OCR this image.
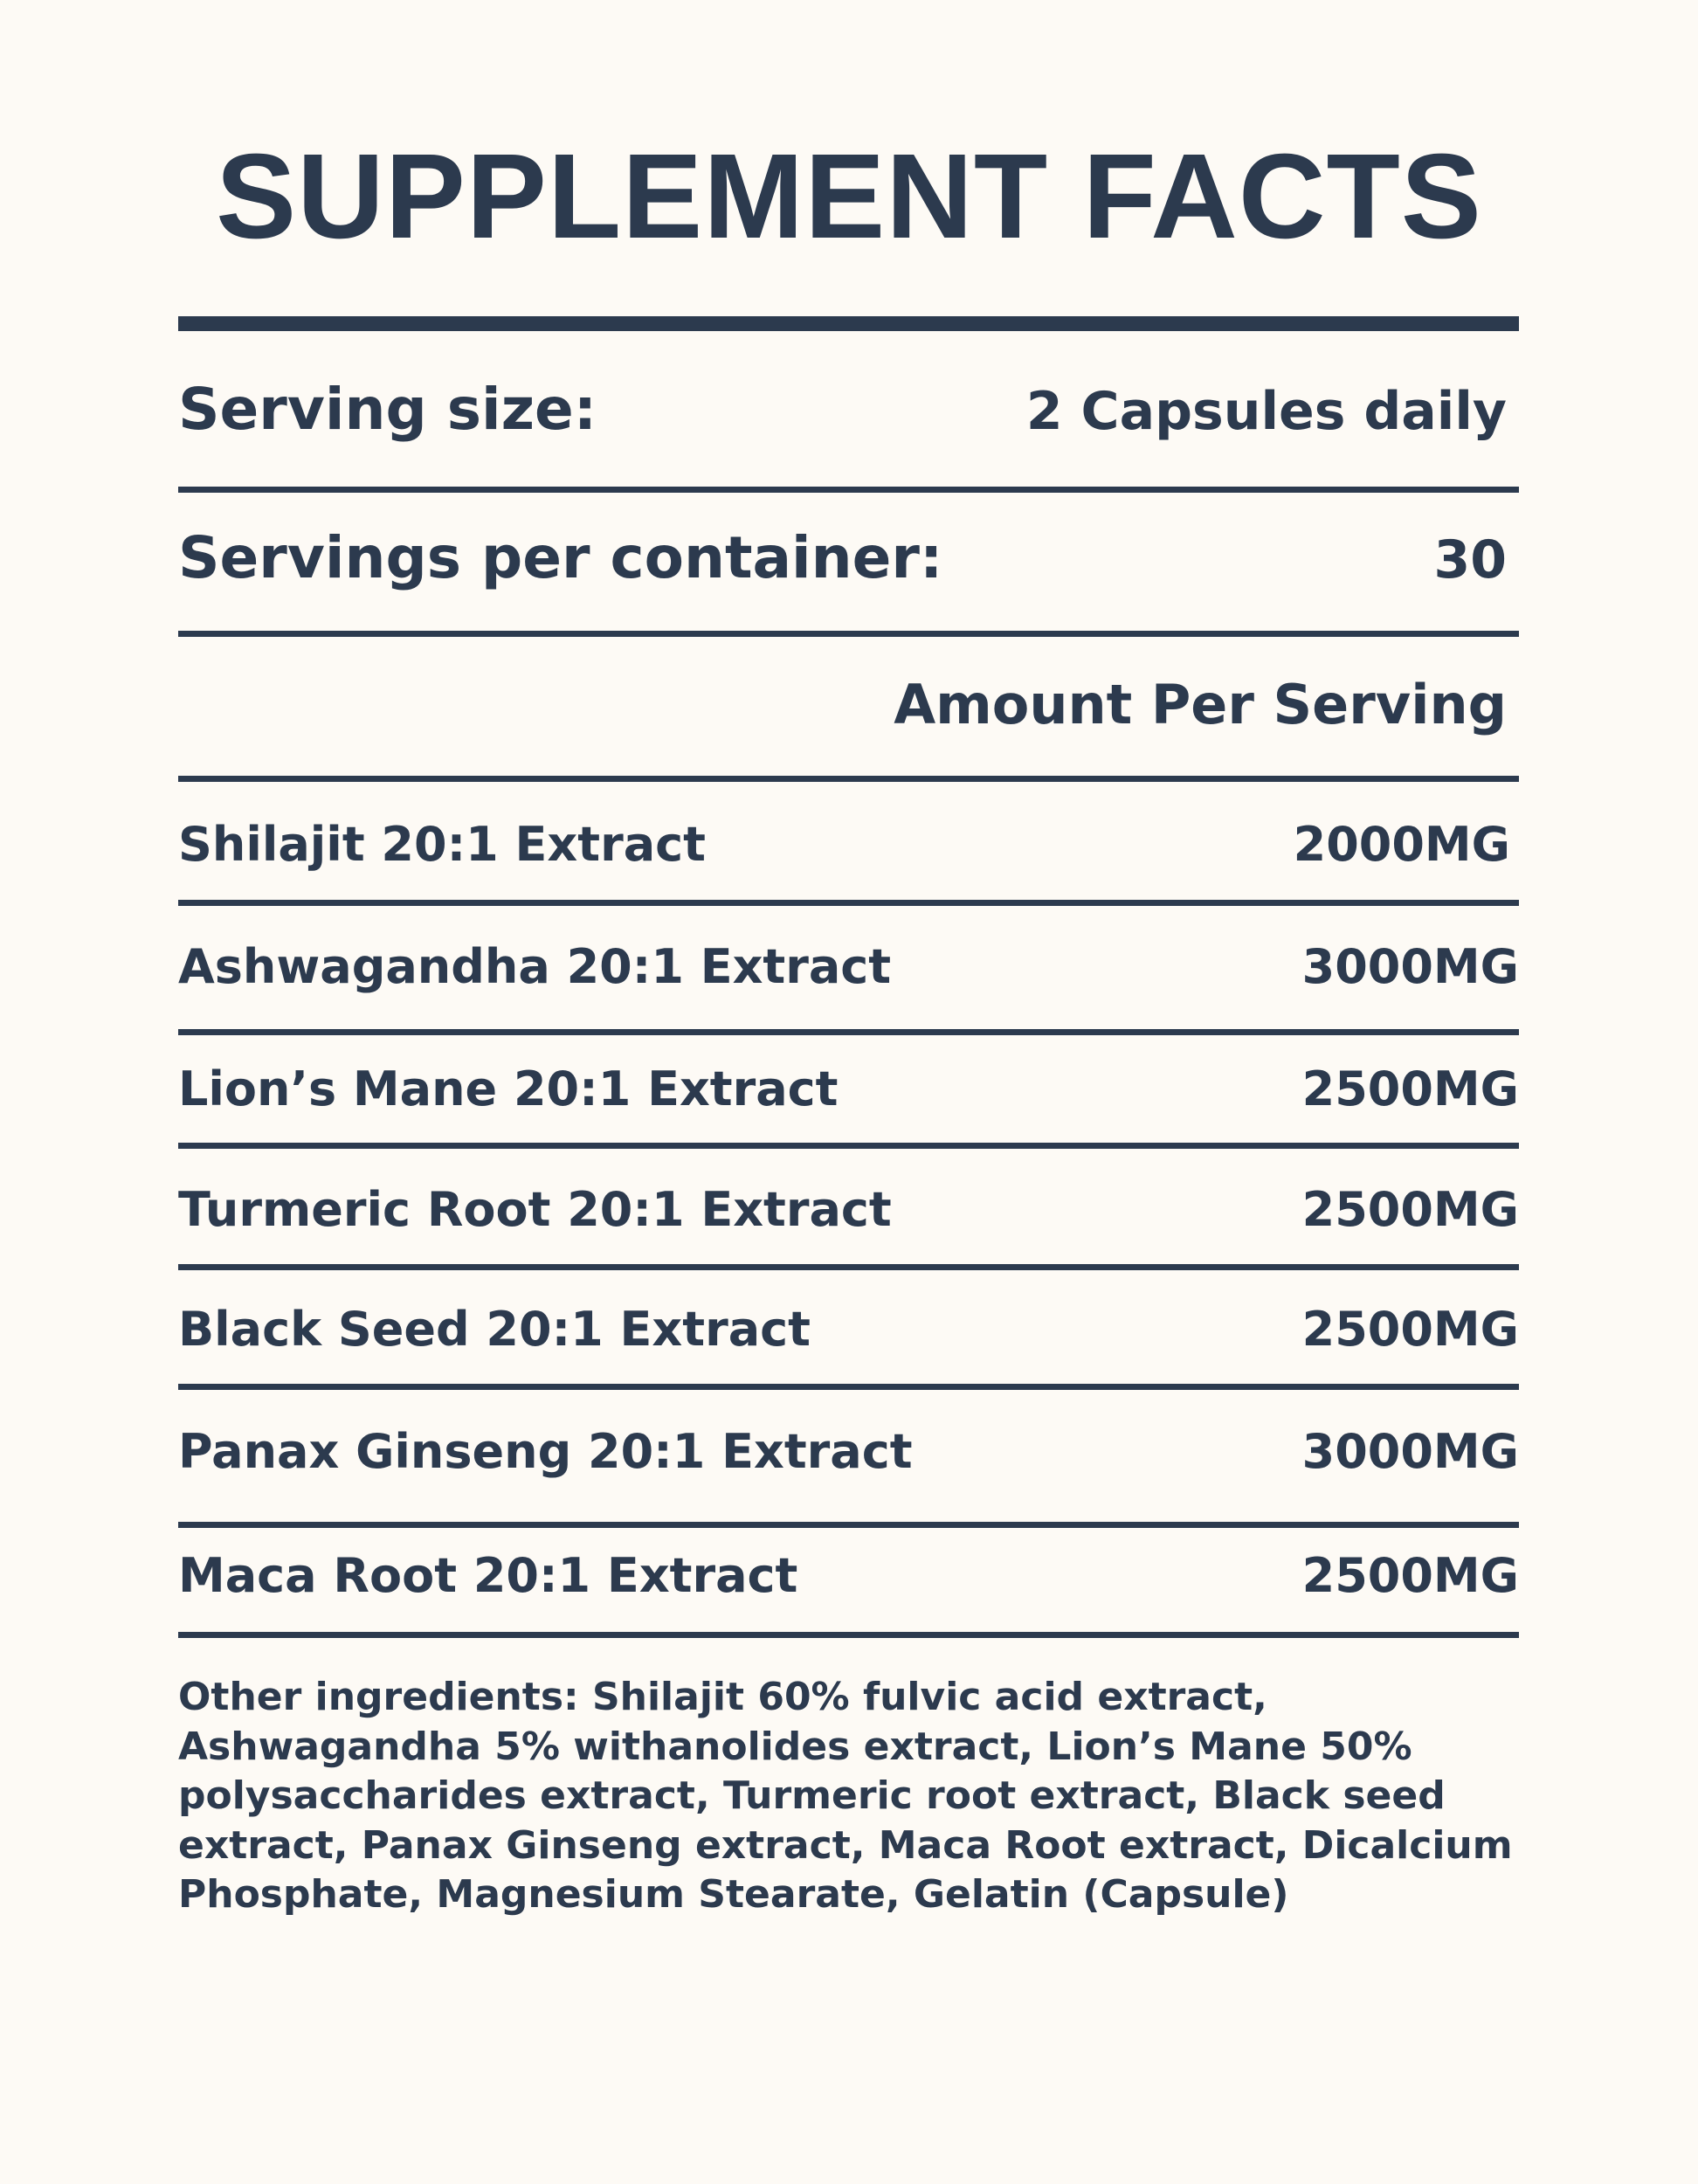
SUPPLEMENT FACTS
Serving size:	2 Capsules daily
Servings per container:	30
Amount Per Serving
Shilajit 20:1 Extract	2000MG
Ashwagandha 20:1 Extract	3000MG
Lion’s Mane 20:1 Extract	2500MG
Turmeric Root 20:1 Extract	2500MG
Black Seed 20:1 Extract	2500MG
Panax Ginseng 20:1 Extract	3000MG
Maca Root 20:1 Extract	2500MG
Other ingredients: Shilajit 60% fulvic acid extract, Ashwagandha 5% withanolides extract, Lion’s Mane 50% polysaccharides extract, Turmeric root extract, Black seed extract, Panax Ginseng extract, Maca Root extract, Dicalcium Phosphate, Magnesium Stearate, Gelatin (Capsule)
